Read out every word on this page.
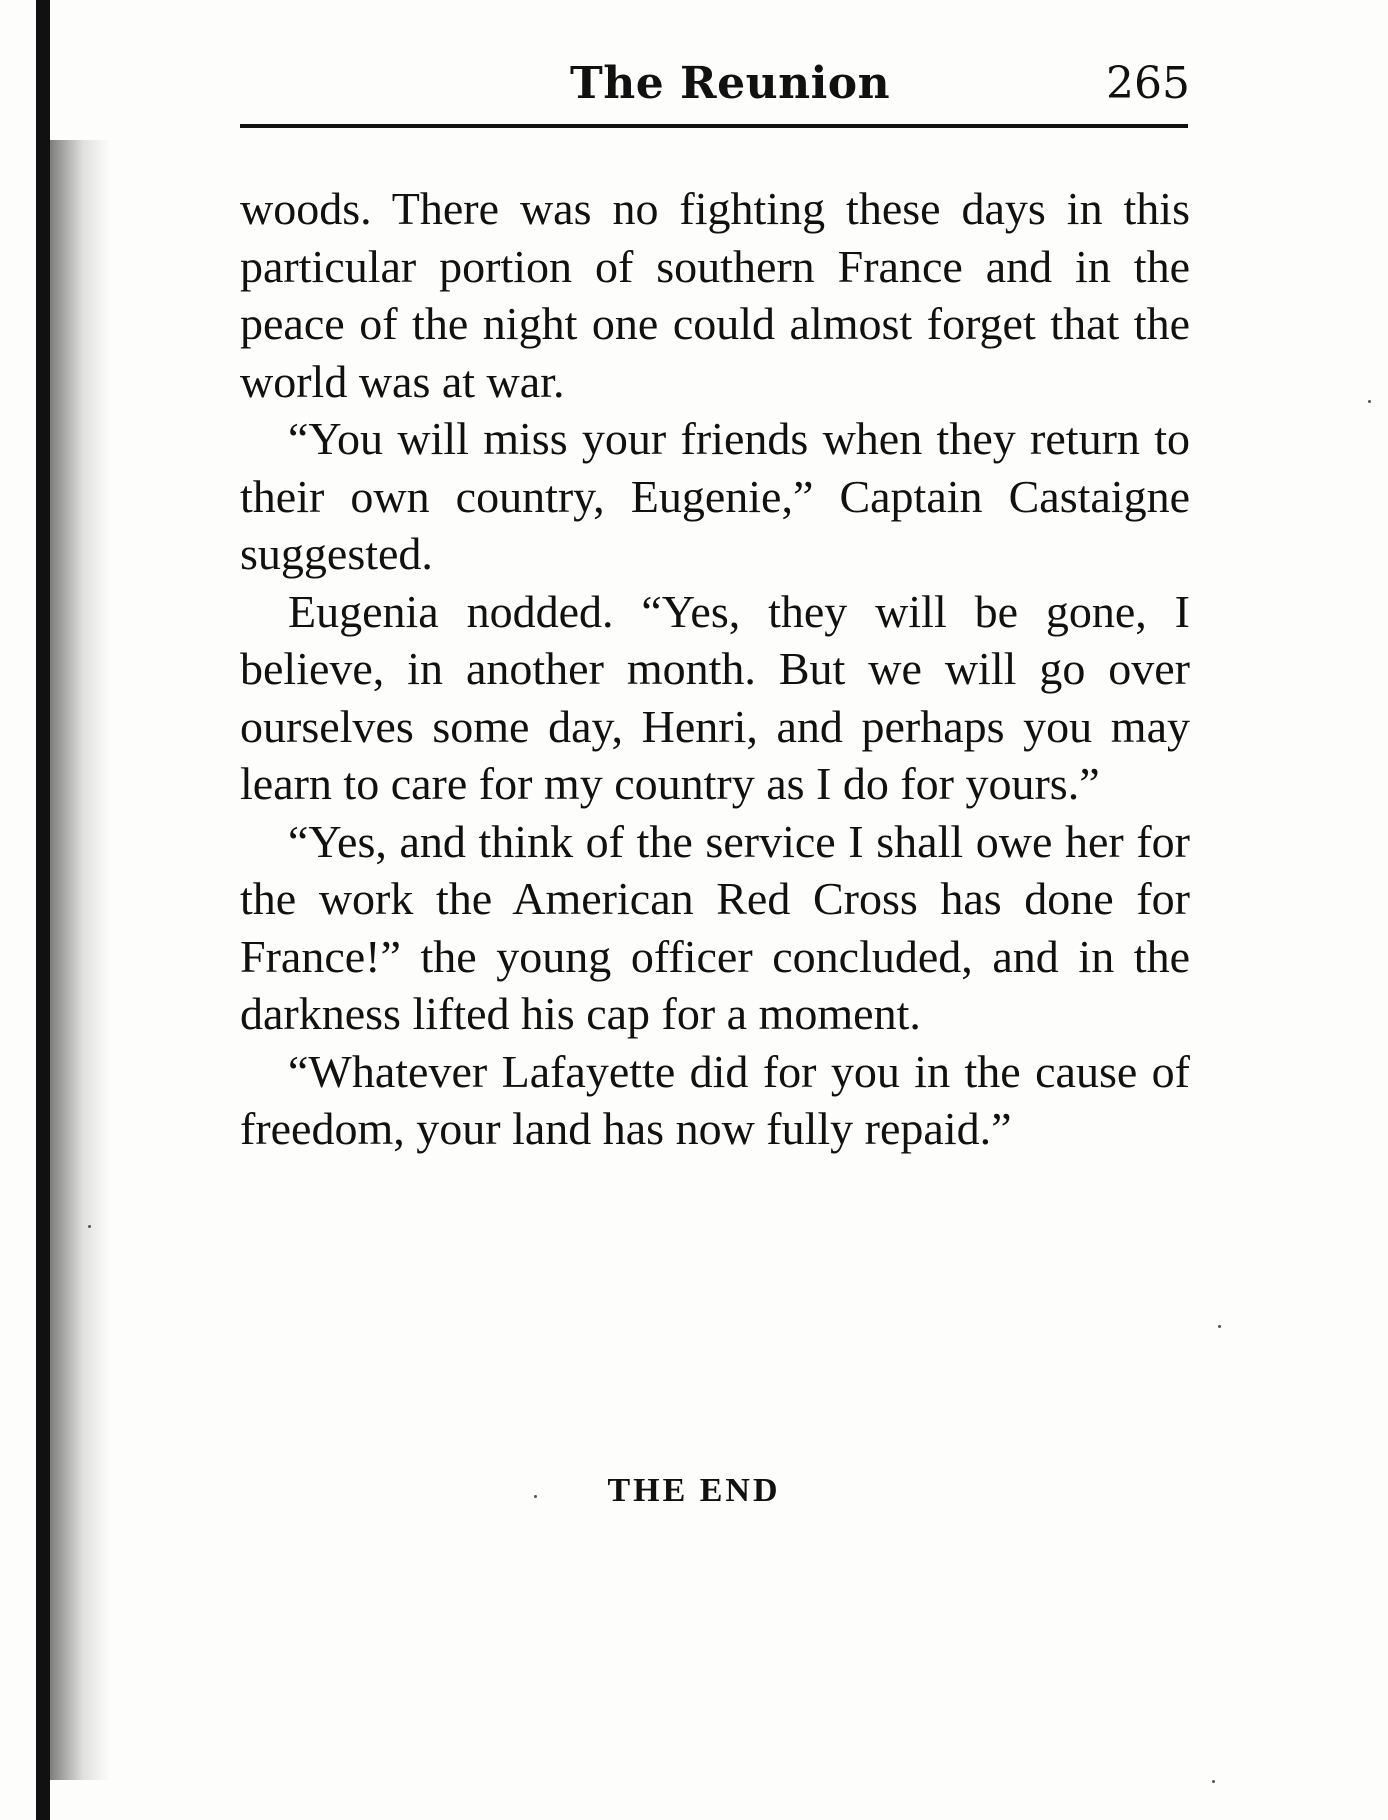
The Reunion	265

woods. There was no fighting these days in this particular portion of southern France and in the peace of the night one could almost forget that the world was at war.

“You will miss your friends when they return to their own country, Eugenie,” Captain Castaigne suggested.

Eugenia nodded. “Yes, they will be gone, I believe, in another month. But we will go over ourselves some day, Henri, and perhaps you may learn to care for my country as I do for yours.”

“Yes, and think of the service I shall owe her for the work the American Red Cross has done for France!” the young officer concluded, and in the darkness lifted his cap for a moment.

“Whatever Lafayette did for you in the cause of freedom, your land has now fully repaid.”

THE END
